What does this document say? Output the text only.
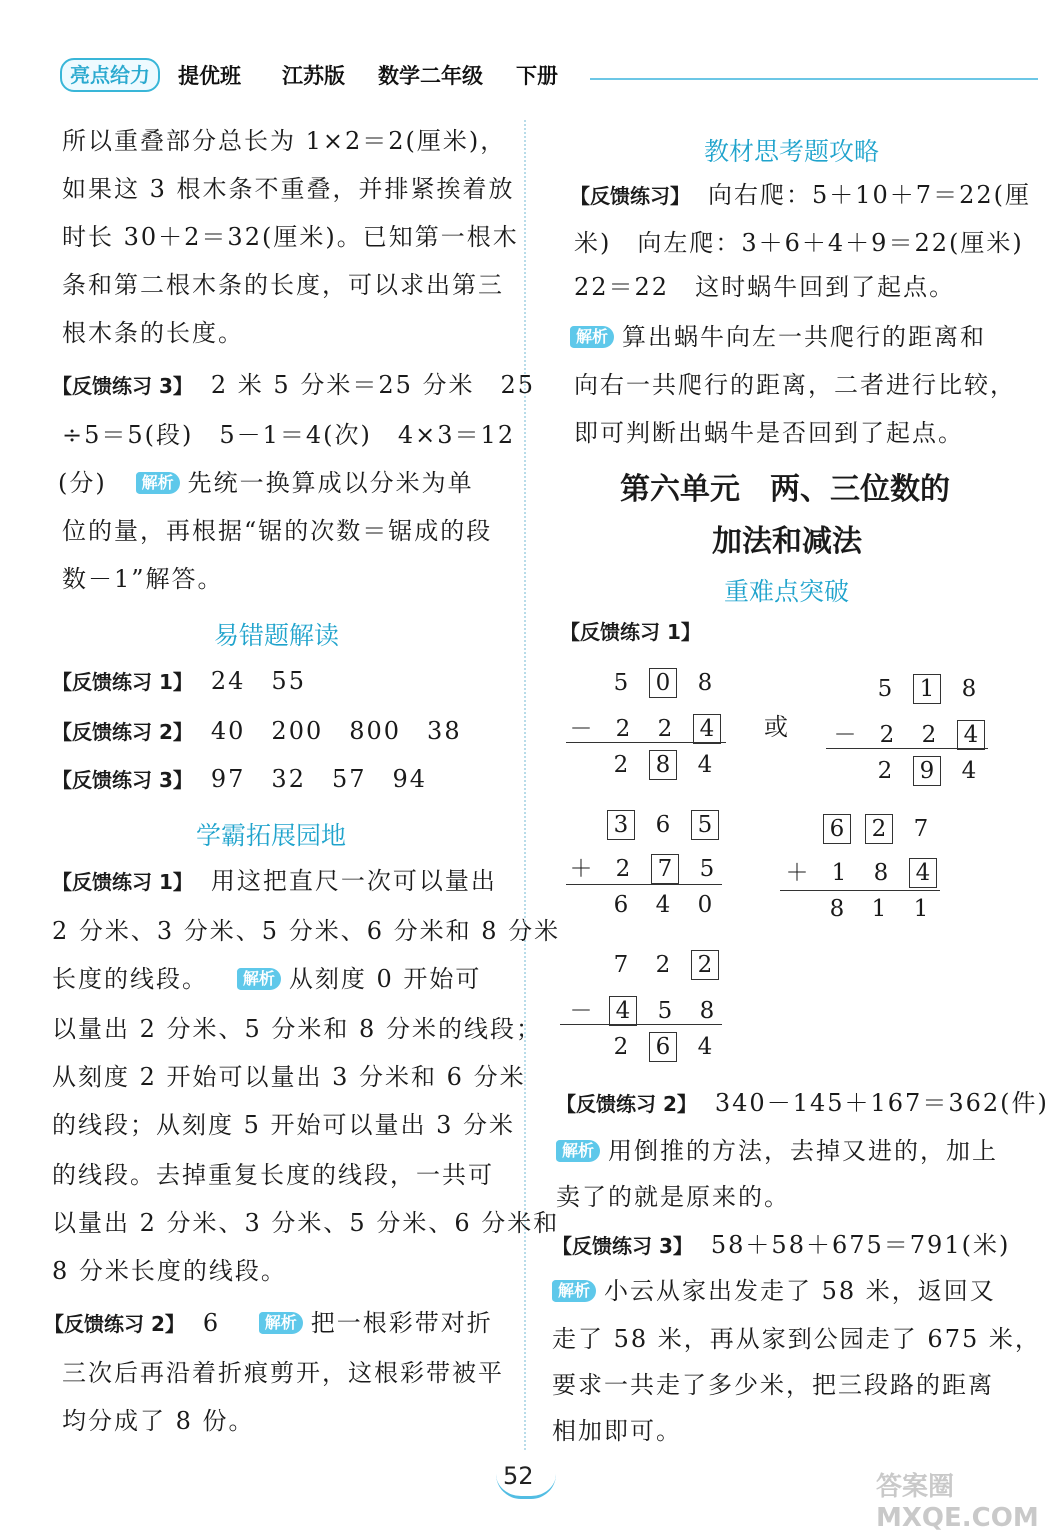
亮点给力	提优班 江苏版 数学二年级 下册
所以重叠部分总长为 1×2＝2(厘米)，
如果这 3 根木条不重叠，并排紧挨着放
时长 30＋2＝32(厘米)。已知第一根木
条和第二根木条的长度，可以求出第三
根木条的长度。
【反馈练习 3】 2 米 5 分米＝25 分米　25
÷5＝5(段)　5－1＝4(次)　4×3＝12
(分) 解析 先统一换算成以分米为单
位的量，再根据“锯的次数＝锯成的段
数－1”解答。
易错题解读
【反馈练习 1】 24　55
【反馈练习 2】 40　200　800　38
【反馈练习 3】 97　32　57　94
学霸拓展园地
【反馈练习 1】 用这把直尺一次可以量出
2 分米、3 分米、5 分米、6 分米和 8 分米
长度的线段。 解析 从刻度 0 开始可
以量出 2 分米、5 分米和 8 分米的线段；
从刻度 2 开始可以量出 3 分米和 6 分米
的线段；从刻度 5 开始可以量出 3 分米
的线段。去掉重复长度的线段，一共可
以量出 2 分米、3 分米、5 分米、6 分米和
8 分米长度的线段。
【反馈练习 2】 6	解析 把一根彩带对折
三次后再沿着折痕剪开，这根彩带被平
均分成了 8 份。
教材思考题攻略
【反馈练习】 向右爬：5＋10＋7＝22(厘
米)　向左爬：3＋6＋4＋9＝22(厘米)
22＝22　这时蜗牛回到了起点。
解析 算出蜗牛向左一共爬行的距离和
向右一共爬行的距离，二者进行比较，
即可判断出蜗牛是否回到了起点。
第六单元　两、三位数的
加法和减法
重难点突破
【反馈练习 1】
5 0 8
－ 2 2 4
2 8 4
或
5 1 8
－ 2 2 4
2 9 4
3 6 5
＋ 2 7 5
6 4 0
6 2 7
＋ 1 8 4
8 1 1
7 2 2
－ 4 5 8
2 6 4
【反馈练习 2】 340－145＋167＝362(件)
解析 用倒推的方法，去掉又进的，加上
卖了的就是原来的。
【反馈练习 3】 58＋58＋675＝791(米)
解析 小云从家出发走了 58 米，返回又
走了 58 米，再从家到公园走了 675 米，
要求一共走了多少米，把三段路的距离
相加即可。
52	答案圈 MXQE.COM
